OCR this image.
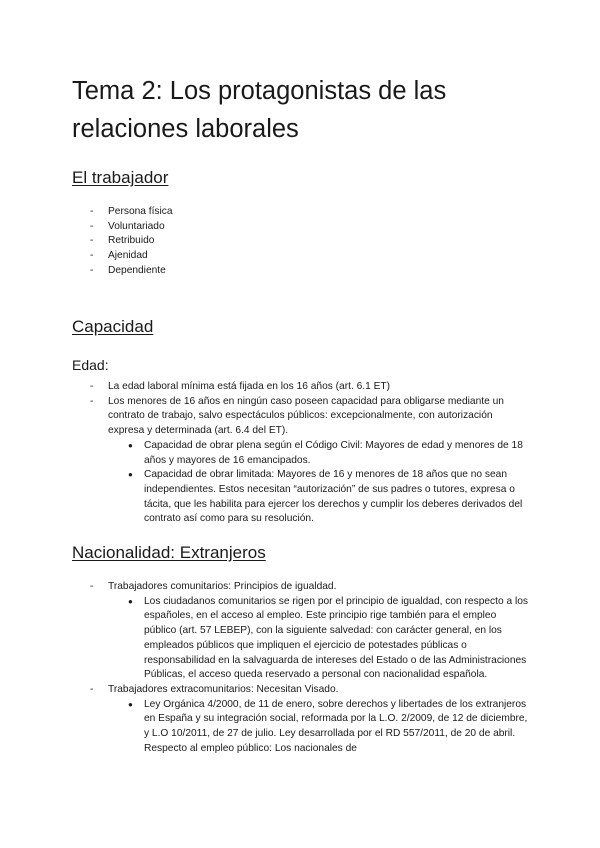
Tema 2: Los protagonistas de las relaciones laborales
El trabajador
- Persona física
- Voluntariado
- Retribuido
- Ajenidad
- Dependiente
Capacidad
Edad:
- La edad laboral mínima está fijada en los 16 años (art. 6.1 ET)
- Los menores de 16 años en ningún caso poseen capacidad para obligarse mediante un contrato de trabajo, salvo espectáculos públicos: excepcionalmente, con autorización expresa y determinada (art. 6.4 del ET).
● Capacidad de obrar plena según el Código Civil: Mayores de edad y menores de 18 años y mayores de 16 emancipados.
● Capacidad de obrar limitada: Mayores de 16 y menores de 18 años que no sean independientes. Estos necesitan “autorización” de sus padres o tutores, expresa o tácita, que les habilita para ejercer los derechos y cumplir los deberes derivados del contrato así como para su resolución.
Nacionalidad: Extranjeros
- Trabajadores comunitarios: Principios de igualdad.
● Los ciudadanos comunitarios se rigen por el principio de igualdad, con respecto a los españoles, en el acceso al empleo. Este principio rige también para el empleo público (art. 57 LEBEP), con la siguiente salvedad: con carácter general, en los empleados públicos que impliquen el ejercicio de potestades públicas o responsabilidad en la salvaguarda de intereses del Estado o de las Administraciones Públicas, el acceso queda reservado a personal con nacionalidad española.
- Trabajadores extracomunitarios: Necesitan Visado.
● Ley Orgánica 4/2000, de 11 de enero, sobre derechos y libertades de los extranjeros en España y su integración social, reformada por la L.O. 2/2009, de 12 de diciembre, y L.O 10/2011, de 27 de julio. Ley desarrollada por el RD 557/2011, de 20 de abril. Respecto al empleo público: Los nacionales de
